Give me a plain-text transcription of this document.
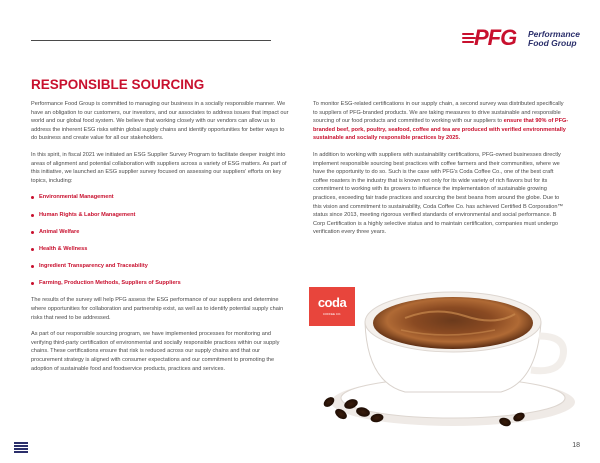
PFG Performance
Food Group
RESPONSIBLE SOURCING

Performance Food Group is committed to managing our business in a socially responsible manner. We have an obligation to our customers, our investors, and our associates to address issues that impact our world and our global food system. We believe that working closely with our vendors can allow us to address the inherent ESG risks within global supply chains and identify opportunities for better ways to do business and create value for all our stakeholders.

In this spirit, in fiscal 2021 we initiated an ESG Supplier Survey Program to facilitate deeper insight into areas of alignment and potential collaboration with suppliers across a variety of ESG matters. As part of this initiative, we launched an ESG supplier survey focused on assessing our suppliers' efforts on key topics, including:

Environmental Management
Human Rights & Labor Management
Animal Welfare
Health & Wellness
Ingredient Transparency and Traceability
Farming, Production Methods, Suppliers of Suppliers

The results of the survey will help PFG assess the ESG performance of our suppliers and determine where opportunities for collaboration and partnership exist, as well as to identify potential supply chain risks that need to be addressed.

As part of our responsible sourcing program, we have implemented processes for monitoring and verifying third-party certification of environmental and socially responsible practices within our supply chains. These certifications ensure that risk is reduced across our supply chains and that our procurement strategy is aligned with consumer expectations and our commitment to promoting the adoption of sustainable food and foodservice products, practices and services.

To monitor ESG-related certifications in our supply chain, a second survey was distributed specifically to suppliers of PFG-branded products. We are taking measures to drive sustainable and responsible sourcing of our food products and committed to working with our suppliers to ensure that 90% of PFG-branded beef, pork, poultry, seafood, coffee and tea are produced with verified environmentally sustainable and socially responsible practices by 2025.

In addition to working with suppliers with sustainability certifications, PFG-owned businesses directly implement responsible sourcing best practices with coffee farmers and their communities, where we have the opportunity to do so. Such is the case with PFG's Coda Coffee Co., one of the best craft coffee roasters in the industry that is known not only for its wide variety of rich flavors but for its commitment to working with its growers to influence the implementation of sustainable growing practices, exceeding fair trade practices and sourcing the best beans from around the globe. Due to this vision and commitment to sustainability, Coda Coffee Co. has achieved Certified B Corporation™ status since 2013, meeting rigorous verified standards of environmental and social performance. B Corp Certification is a highly selective status and to maintain certification, companies must undergo verification every three years.

coda
COFFEE CO.
18
